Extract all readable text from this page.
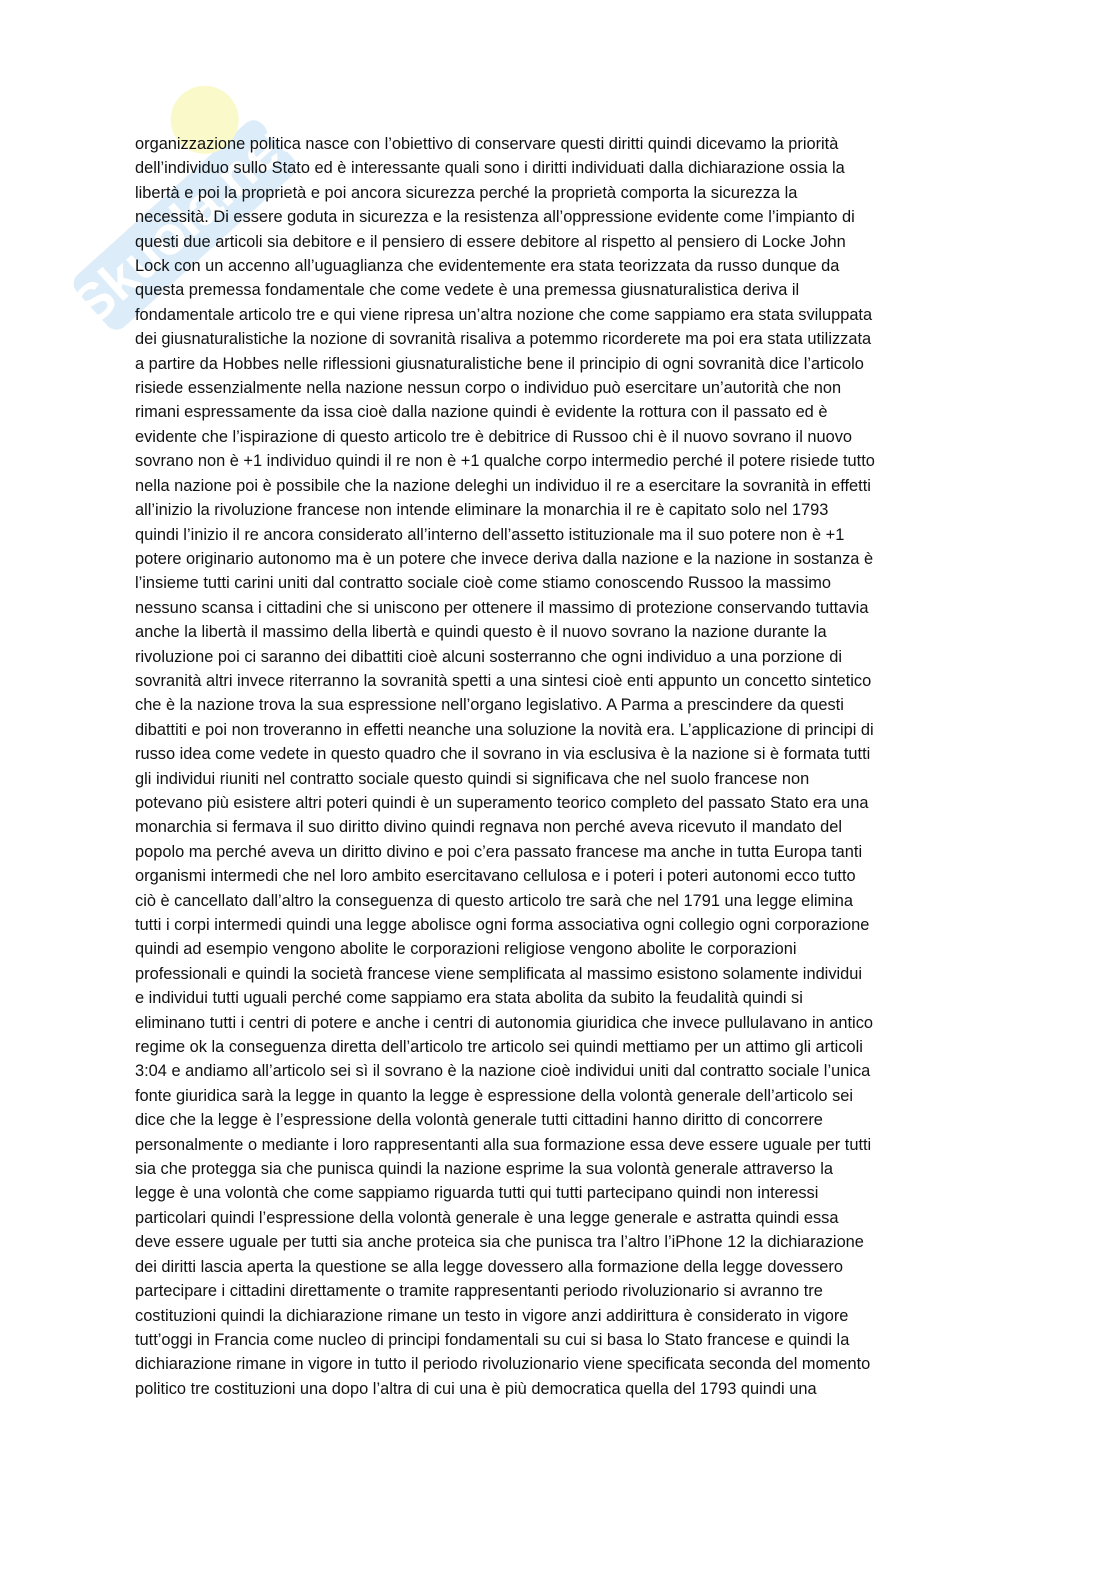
Skuola.net
organizzazione politica nasce con l’obiettivo di conservare questi diritti quindi dicevamo la priorità
dell’individuo sullo Stato ed è interessante quali sono i diritti individuati dalla dichiarazione ossia la
libertà e poi la proprietà e poi ancora sicurezza perché la proprietà comporta la sicurezza la
necessità. Di essere goduta in sicurezza e la resistenza all’oppressione evidente come l’impianto di
questi due articoli sia debitore e il pensiero di essere debitore al rispetto al pensiero di Locke John
Lock con un accenno all’uguaglianza che evidentemente era stata teorizzata da russo dunque da
questa premessa fondamentale che come vedete è una premessa giusnaturalistica deriva il
fondamentale articolo tre e qui viene ripresa un’altra nozione che come sappiamo era stata sviluppata
dei giusnaturalistiche la nozione di sovranità risaliva a potemmo ricorderete ma poi era stata utilizzata
a partire da Hobbes nelle riflessioni giusnaturalistiche bene il principio di ogni sovranità dice l’articolo
risiede essenzialmente nella nazione nessun corpo o individuo può esercitare un’autorità che non
rimani espressamente da issa cioè dalla nazione quindi è evidente la rottura con il passato ed è
evidente che l’ispirazione di questo articolo tre è debitrice di Russoo chi è il nuovo sovrano il nuovo
sovrano non è +1 individuo quindi il re non è +1 qualche corpo intermedio perché il potere risiede tutto
nella nazione poi è possibile che la nazione deleghi un individuo il re a esercitare la sovranità in effetti
all’inizio la rivoluzione francese non intende eliminare la monarchia il re è capitato solo nel 1793
quindi l’inizio il re ancora considerato all’interno dell’assetto istituzionale ma il suo potere non è +1
potere originario autonomo ma è un potere che invece deriva dalla nazione e la nazione in sostanza è
l’insieme tutti carini uniti dal contratto sociale cioè come stiamo conoscendo Russoo la massimo
nessuno scansa i cittadini che si uniscono per ottenere il massimo di protezione conservando tuttavia
anche la libertà il massimo della libertà e quindi questo è il nuovo sovrano la nazione durante la
rivoluzione poi ci saranno dei dibattiti cioè alcuni sosterranno che ogni individuo a una porzione di
sovranità altri invece riterranno la sovranità spetti a una sintesi cioè enti appunto un concetto sintetico
che è la nazione trova la sua espressione nell’organo legislativo. A Parma a prescindere da questi
dibattiti e poi non troveranno in effetti neanche una soluzione la novità era. L’applicazione di principi di
russo idea come vedete in questo quadro che il sovrano in via esclusiva è la nazione si è formata tutti
gli individui riuniti nel contratto sociale questo quindi si significava che nel suolo francese non
potevano più esistere altri poteri quindi è un superamento teorico completo del passato Stato era una
monarchia si fermava il suo diritto divino quindi regnava non perché aveva ricevuto il mandato del
popolo ma perché aveva un diritto divino e poi c’era passato francese ma anche in tutta Europa tanti
organismi intermedi che nel loro ambito esercitavano cellulosa e i poteri i poteri autonomi ecco tutto
ciò è cancellato dall’altro la conseguenza di questo articolo tre sarà che nel 1791 una legge elimina
tutti i corpi intermedi quindi una legge abolisce ogni forma associativa ogni collegio ogni corporazione
quindi ad esempio vengono abolite le corporazioni religiose vengono abolite le corporazioni
professionali e quindi la società francese viene semplificata al massimo esistono solamente individui
e individui tutti uguali perché come sappiamo era stata abolita da subito la feudalità quindi si
eliminano tutti i centri di potere e anche i centri di autonomia giuridica che invece pullulavano in antico
regime ok la conseguenza diretta dell’articolo tre articolo sei quindi mettiamo per un attimo gli articoli
3:04 e andiamo all’articolo sei sì il sovrano è la nazione cioè individui uniti dal contratto sociale l’unica
fonte giuridica sarà la legge in quanto la legge è espressione della volontà generale dell’articolo sei
dice che la legge è l’espressione della volontà generale tutti cittadini hanno diritto di concorrere
personalmente o mediante i loro rappresentanti alla sua formazione essa deve essere uguale per tutti
sia che protegga sia che punisca quindi la nazione esprime la sua volontà generale attraverso la
legge è una volontà che come sappiamo riguarda tutti qui tutti partecipano quindi non interessi
particolari quindi l’espressione della volontà generale è una legge generale e astratta quindi essa
deve essere uguale per tutti sia anche proteica sia che punisca tra l’altro l’iPhone 12 la dichiarazione
dei diritti lascia aperta la questione se alla legge dovessero alla formazione della legge dovessero
partecipare i cittadini direttamente o tramite rappresentanti periodo rivoluzionario si avranno tre
costituzioni quindi la dichiarazione rimane un testo in vigore anzi addirittura è considerato in vigore
tutt’oggi in Francia come nucleo di principi fondamentali su cui si basa lo Stato francese e quindi la
dichiarazione rimane in vigore in tutto il periodo rivoluzionario viene specificata seconda del momento
politico tre costituzioni una dopo l’altra di cui una è più democratica quella del 1793 quindi una
